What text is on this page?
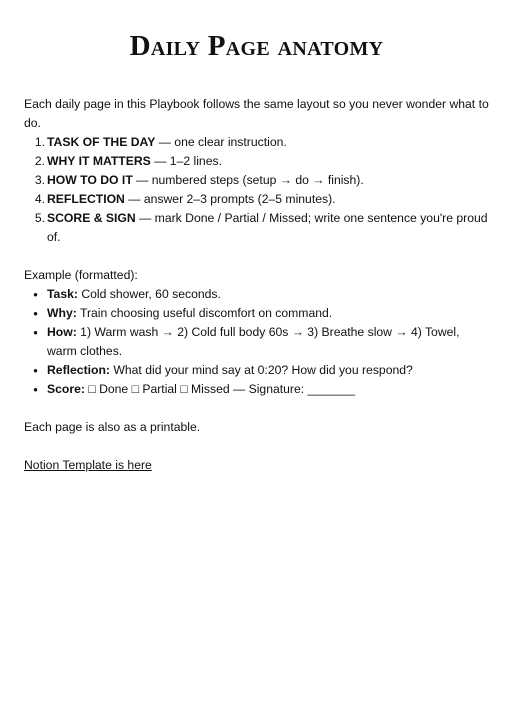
Daily Page anatomy

Each daily page in this Playbook follows the same layout so you never wonder what to do.

1. TASK OF THE DAY — one clear instruction.
2. WHY IT MATTERS — 1–2 lines.
3. HOW TO DO IT — numbered steps (setup → do → finish).
4. REFLECTION — answer 2–3 prompts (2–5 minutes).
5. SCORE & SIGN — mark Done / Partial / Missed; write one sentence you're proud of.

Example (formatted):

• Task: Cold shower, 60 seconds.
• Why: Train choosing useful discomfort on command.
• How: 1) Warm wash → 2) Cold full body 60s → 3) Breathe slow → 4) Towel, warm clothes.
• Reflection: What did your mind say at 0:20? How did you respond?
• Score: □ Done □ Partial □ Missed — Signature: _______

Each page is also as a printable.

Notion Template is here
